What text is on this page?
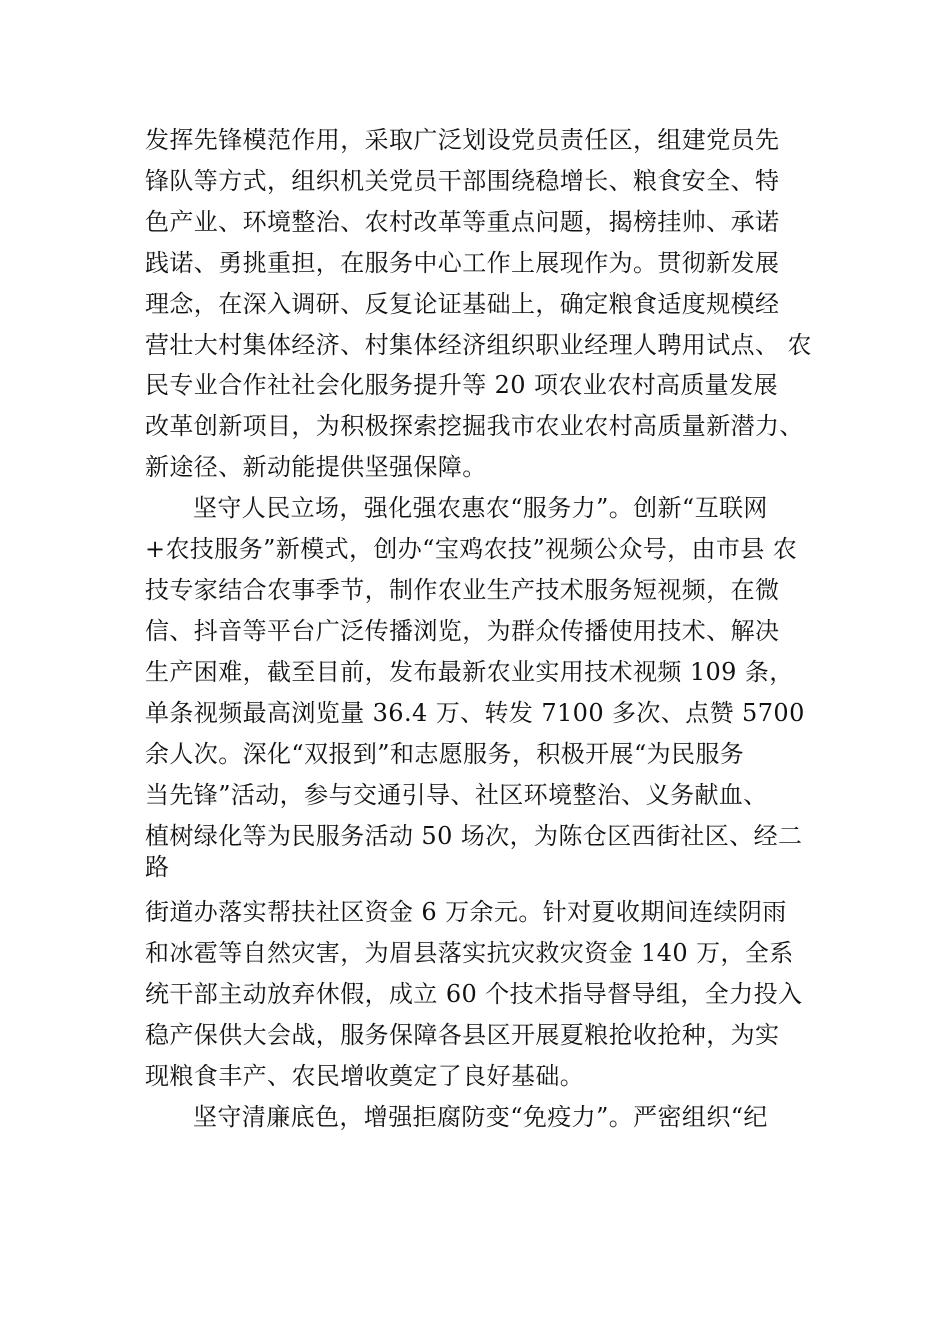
发挥先锋模范作用，采取广泛划设党员责任区，组建党员先
锋队等方式，组织机关党员干部围绕稳增长、粮食安全、特
色产业、环境整治、农村改革等重点问题，揭榜挂帅、承诺
践诺、勇挑重担，在服务中心工作上展现作为。贯彻新发展
理念，在深入调研、反复论证基础上，确定粮食适度规模经
营壮大村集体经济、村集体经济组织职业经理人聘用试点、 农
民专业合作社社会化服务提升等 20 项农业农村高质量发展
改革创新项目，为积极探索挖掘我市农业农村高质量新潜力、
新途径、新动能提供坚强保障。
坚守人民立场，强化强农惠农“服务力”。创新“互联网
+农技服务”新模式，创办“宝鸡农技”视频公众号，由市县 农
技专家结合农事季节，制作农业生产技术服务短视频，在微
信、抖音等平台广泛传播浏览，为群众传播使用技术、解决
生产困难，截至目前，发布最新农业实用技术视频 109 条，
单条视频最高浏览量 36.4 万、转发 7100 多次、点赞 5700
余人次。深化“双报到”和志愿服务，积极开展“为民服务
当先锋”活动，参与交通引导、社区环境整治、义务献血、
植树绿化等为民服务活动 50 场次，为陈仓区西街社区、经二
路
街道办落实帮扶社区资金 6 万余元。针对夏收期间连续阴雨
和冰雹等自然灾害，为眉县落实抗灾救灾资金 140 万，全系
统干部主动放弃休假，成立 60 个技术指导督导组，全力投入
稳产保供大会战，服务保障各县区开展夏粮抢收抢种，为实
现粮食丰产、农民增收奠定了良好基础。
坚守清廉底色，增强拒腐防变“免疫力”。严密组织“纪
